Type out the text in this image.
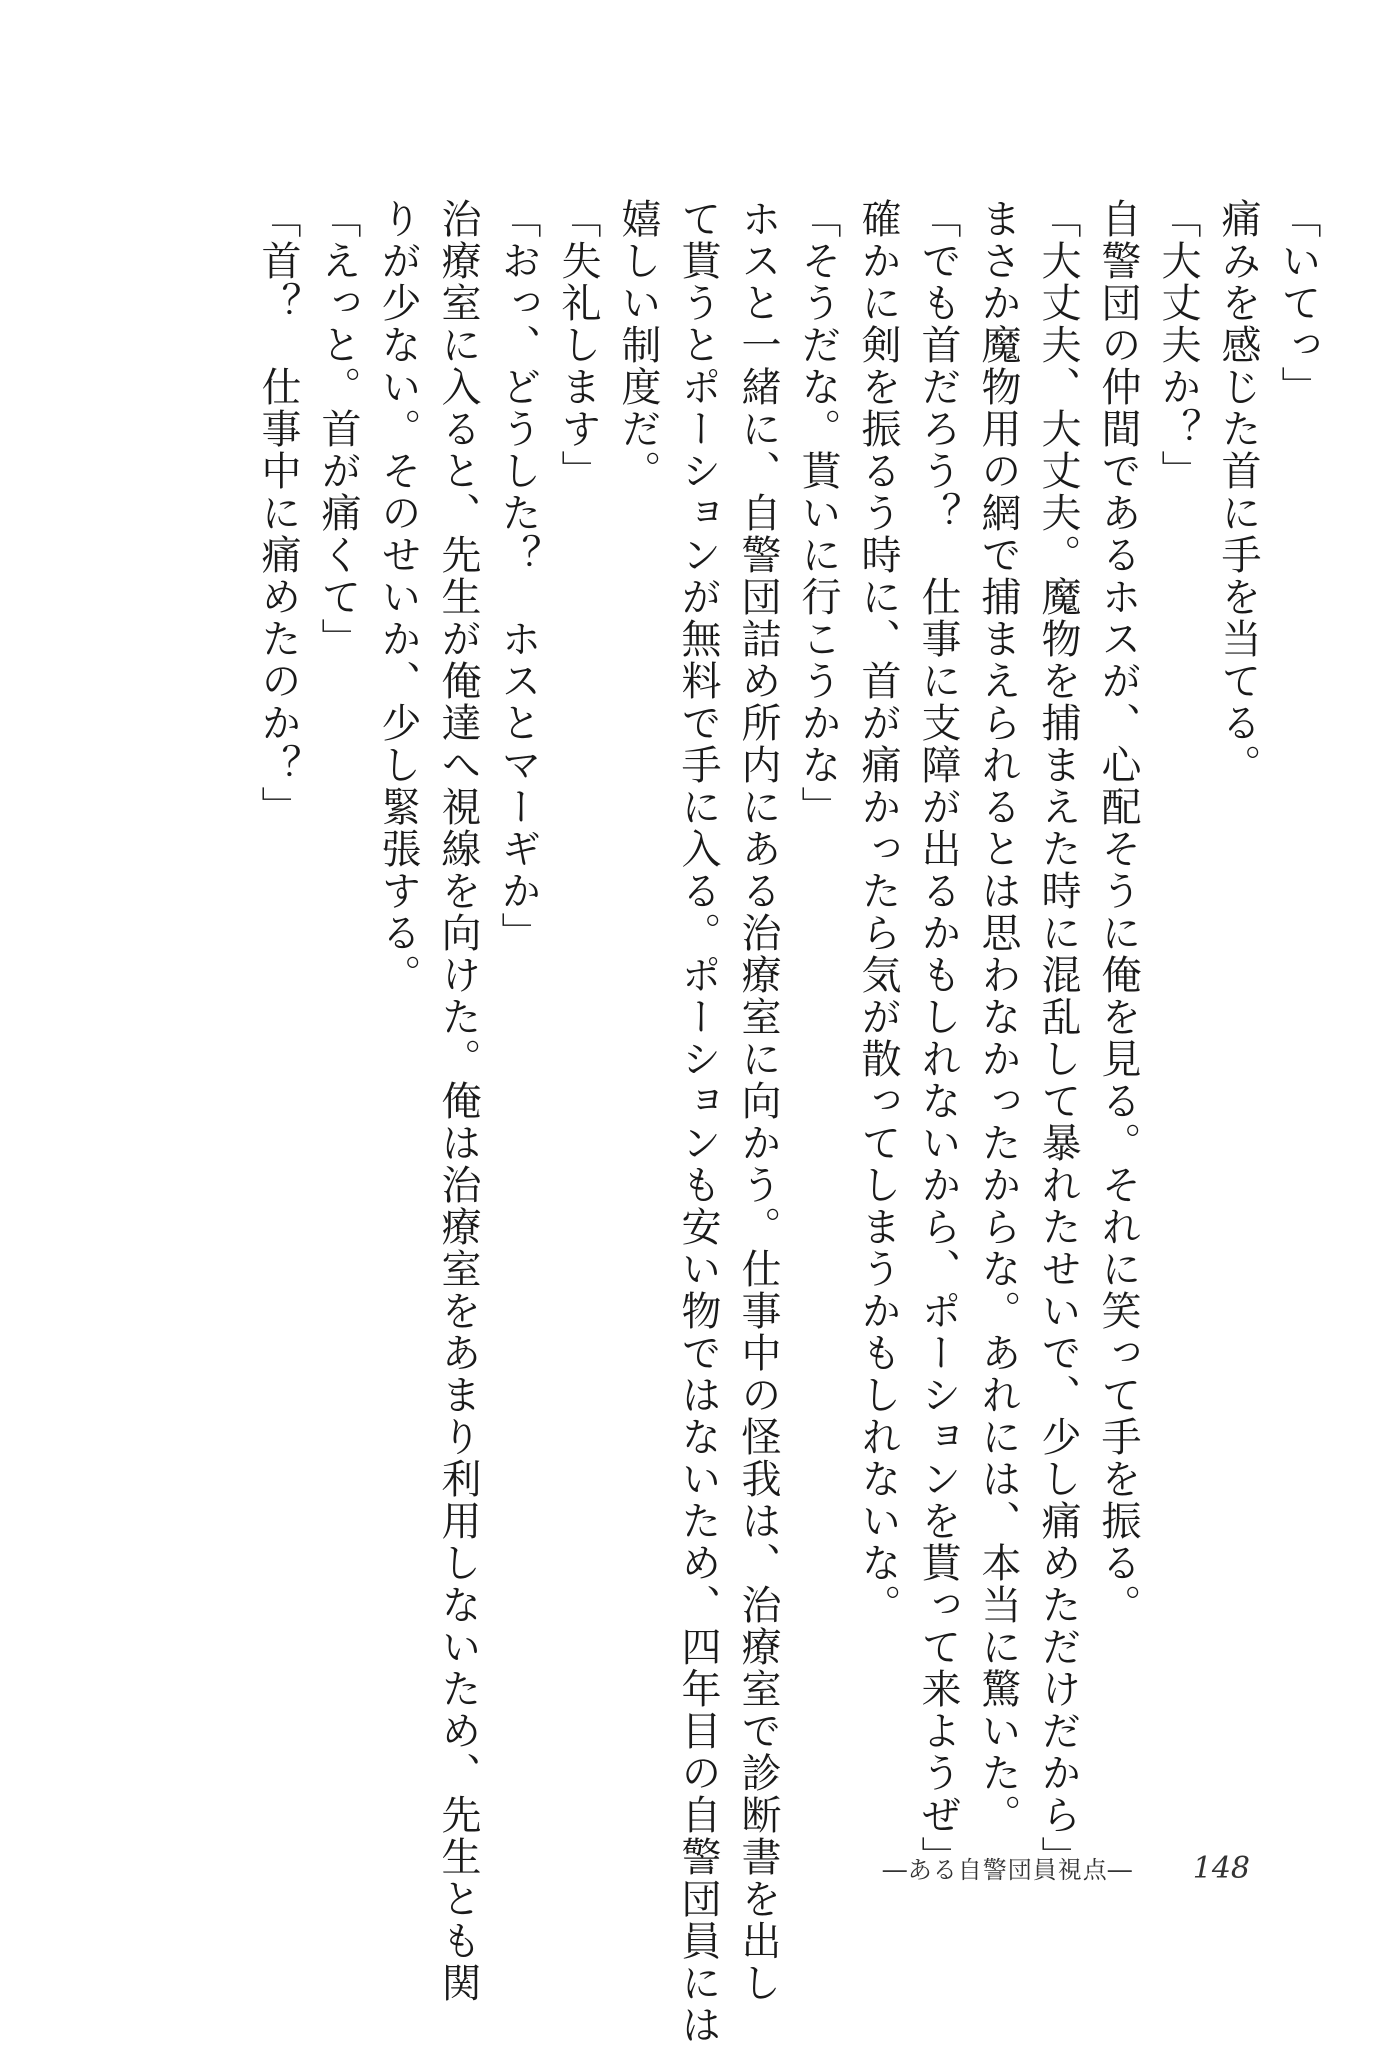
「いてっ」

痛みを感じた首に手を当てる。

「大丈夫か？」

自警団の仲間であるホスが、心配そうに俺を見る。それに笑って手を振る。

「大丈夫、大丈夫。魔物を捕まえた時に混乱して暴れたせいで、少し痛めただけだから」

まさか魔物用の網で捕まえられるとは思わなかったからな。あれには、本当に驚いた。

「でも首だろう？　仕事に支障が出るかもしれないから、ポーションを貰って来ようぜ」

確かに剣を振るう時に、首が痛かったら気が散ってしまうかもしれないな。

「そうだな。貰いに行こうかな」

ホスと一緒に、自警団詰め所内にある治療室に向かう。仕事中の怪我は、治療室で診断書を出し

て貰うとポーションが無料で手に入る。ポーションも安い物ではないため、四年目の自警団員には

嬉しい制度だ。

「失礼します」

「おっ、どうした？　ホスとマーギか」

治療室に入ると、先生が俺達へ視線を向けた。俺は治療室をあまり利用しないため、先生とも関

りが少ない。そのせいか、少し緊張する。

「えっと。首が痛くて」

「首？　仕事中に痛めたのか？」

―ある自警団員視点― 148
